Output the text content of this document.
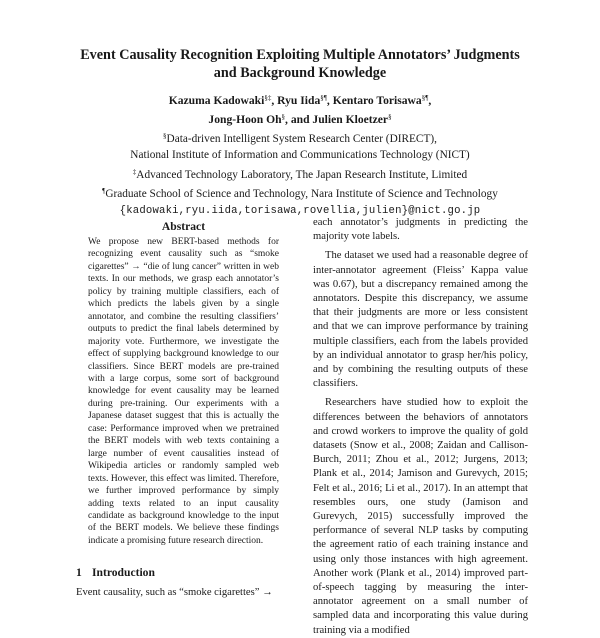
Event Causality Recognition Exploiting Multiple Annotators’ Judgments
and Background Knowledge
Kazuma Kadowaki§‡, Ryu Iida§¶, Kentaro Torisawa§¶,
Jong-Hoon Oh§, and Julien Kloetzer§
§Data-driven Intelligent System Research Center (DIRECT),
National Institute of Information and Communications Technology (NICT)
‡Advanced Technology Laboratory, The Japan Research Institute, Limited
¶Graduate School of Science and Technology, Nara Institute of Science and Technology
{kadowaki,ryu.iida,torisawa,rovellia,julien}@nict.go.jp
Abstract
We propose new BERT-based methods for recognizing event causality such as “smoke cigarettes” → “die of lung cancer” written in web texts. In our methods, we grasp each annotator’s policy by training multiple classifiers, each of which predicts the labels given by a single annotator, and combine the resulting classifiers’ outputs to predict the final labels determined by majority vote. Furthermore, we investigate the effect of supplying background knowledge to our classifiers. Since BERT models are pre-trained with a large corpus, some sort of background knowledge for event causality may be learned during pre-training. Our experiments with a Japanese dataset suggest that this is actually the case: Performance improved when we pretrained the BERT models with web texts containing a large number of event causalities instead of Wikipedia articles or randomly sampled web texts. However, this effect was limited. Therefore, we further improved performance by simply adding texts related to an input causality candidate as background knowledge to the input of the BERT models. We believe these findings indicate a promising future research direction.
1 Introduction
Event causality, such as “smoke cigarettes” →

each annotator’s judgments in predicting the majority vote labels.

The dataset we used had a reasonable degree of inter-annotator agreement (Fleiss’ Kappa value was 0.67), but a discrepancy remained among the annotators. Despite this discrepancy, we assume that their judgments are more or less consistent and that we can improve performance by training multiple classifiers, each from the labels provided by an individual annotator to grasp her/his policy, and by combining the resulting outputs of these classifiers.

Researchers have studied how to exploit the differences between the behaviors of annotators and crowd workers to improve the quality of gold datasets (Snow et al., 2008; Zaidan and Callison-Burch, 2011; Zhou et al., 2012; Jurgens, 2013; Plank et al., 2014; Jamison and Gurevych, 2015; Felt et al., 2016; Li et al., 2017). In an attempt that resembles ours, one study (Jamison and Gurevych, 2015) successfully improved the performance of several NLP tasks by computing the agreement ratio of each training instance and using only those instances with high agreement. Another work (Plank et al., 2014) improved part-of-speech tagging by measuring the inter-annotator agreement on a small number of sampled data and incorporating this value during training via a modified
